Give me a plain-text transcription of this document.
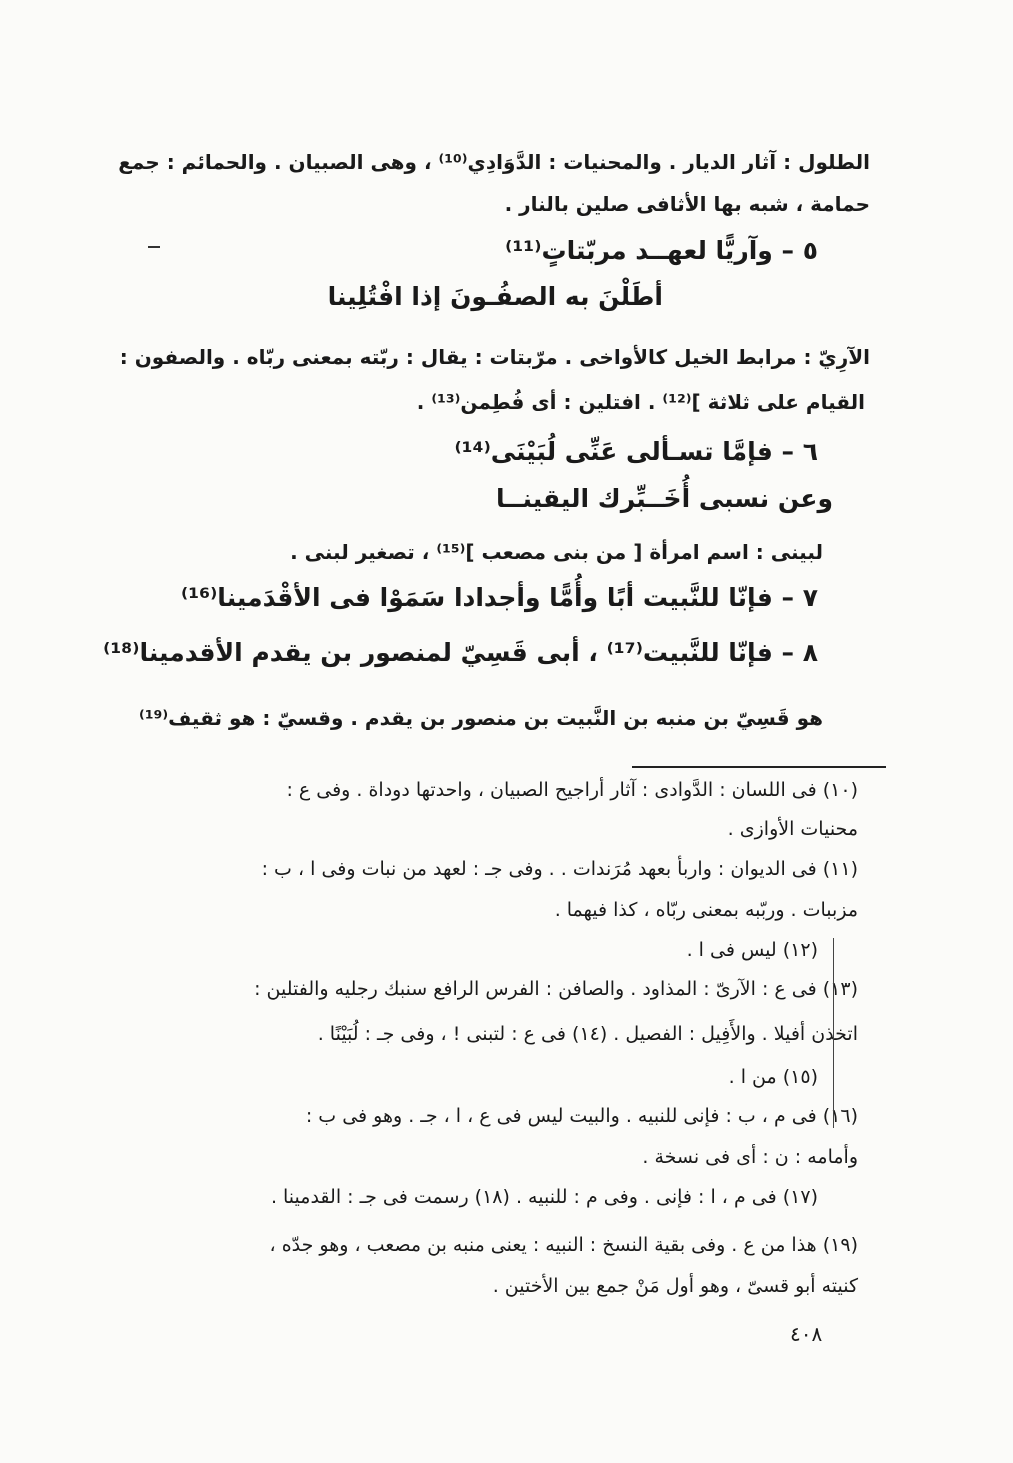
الطلول : آثار الديار . والمحنيات : الدَّوَادِي⁽¹⁰⁾ ، وهى الصبيان . والحمائم : جمع
حمامة ، شبه بها الأثافى صلين بالنار .
٥ – وآريًّا لعهــد مربّتاتٍ⁽¹¹⁾
أطَلْنَ به الصفُـونَ إذا افْتُلِينا
الآرِيّ : مرابط الخيل كالأواخى . مرّبتات : يقال : ربّته بمعنى ربّاه . والصفون :
القيام على ثلاثة ]⁽¹²⁾ . افتلين : أى فُطِمن⁽¹³⁾ .
٦ – فإمَّا تسـألى عَنِّى لُبَيْنَى⁽¹⁴⁾
وعن نسبى أُخَــبِّرك اليقينــا
لبينى : اسم امرأة [ من بنى مصعب ]⁽¹⁵⁾ ، تصغير لبنى .
٧ – فإنّا للنَّبيت أبًا وأُمًّا وأجدادا سَمَوْا فى الأقْدَمينا⁽¹⁶⁾
٨ – فإنّا للنَّبيت⁽¹⁷⁾ ، أبى قَسِيّ لمنصور بن يقدم الأقدمينا⁽¹⁸⁾
هو قَسِيّ بن منبه بن النَّبيت بن منصور بن يقدم . وقسيّ : هو ثقيف⁽¹⁹⁾
(١٠) فى اللسان : الدَّوادى : آثار أراجيح الصبيان ، واحدتها دوداة . وفى ع :
محنيات الأوازى .
(١١) فى الديوان : واربأ بعهد مُرَندات . . وفى جـ : لعهد من نبات وفى ا ، ب :
مزببات . وربّبه بمعنى ربّاه ، كذا فيهما .
(١٢) ليس فى ا .
(١٣) فى ع : الآرىّ : المذاود . والصافن : الفرس الرافع سنبك رجليه والفتلين :
اتخذن أفيلا . والأَفِيل : الفصيل . (١٤) فى ع : لتبنى ! ، وفى جـ : لُبَيْنًا .
(١٥) من ا .
(١٦) فى م ، ب : فإنى للنبيه . والبيت ليس فى ع ، ا ، جـ . وهو فى ب :
وأمامه : ن : أى فى نسخة .
(١٧) فى م ، ا : فإنى . وفى م : للنبيه . (١٨) رسمت فى جـ : القدمينا .
(١٩) هذا من ع . وفى بقية النسخ : النبيه : يعنى منبه بن مصعب ، وهو جدّه ،
كنيته أبو قسىّ ، وهو أول مَنْ جمع بين الأختين .
٤٠٨
